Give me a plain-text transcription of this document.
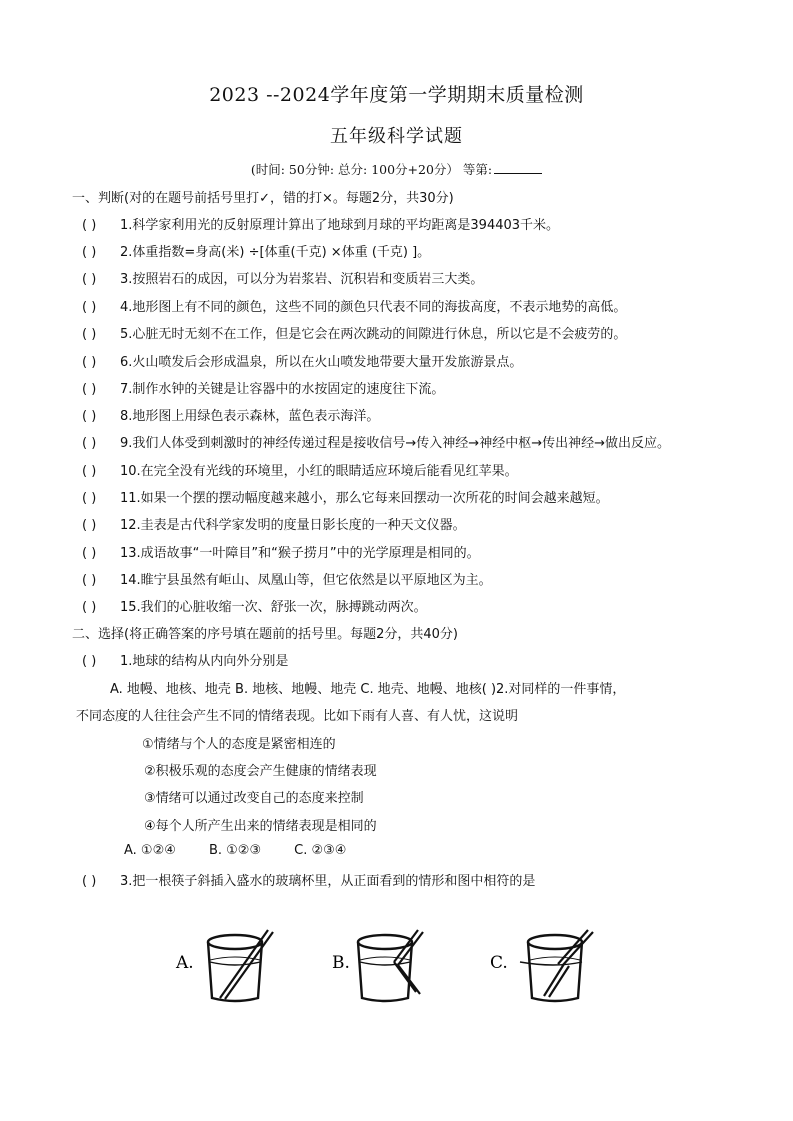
2023 --2024学年度第一学期期末质量检测
五年级科学试题
(时间: 50分钟: 总分: 100分+20分） 等第:
一、判断(对的在题号前括号里打✓，错的打×。每题2分，共30分)
( ) 1.科学家利用光的反射原理计算出了地球到月球的平均距离是394403千米。
( ) 2.体重指数=身高(米) ÷[体重(千克) ×体重 (千克) ]。
( ) 3.按照岩石的成因，可以分为岩浆岩、沉积岩和变质岩三大类。
( ) 4.地形图上有不同的颜色，这些不同的颜色只代表不同的海拔高度，不表示地势的高低。
( ) 5.心脏无时无刻不在工作，但是它会在两次跳动的间隙进行休息，所以它是不会疲劳的。
( ) 6.火山喷发后会形成温泉，所以在火山喷发地带要大量开发旅游景点。
( ) 7.制作水钟的关键是让容器中的水按固定的速度往下流。
( ) 8.地形图上用绿色表示森林，蓝色表示海洋。
( ) 9.我们人体受到刺激时的神经传递过程是接收信号→传入神经→神经中枢→传出神经→做出反应。
( ) 10.在完全没有光线的环境里，小红的眼睛适应环境后能看见红苹果。
( ) 11.如果一个摆的摆动幅度越来越小，那么它每来回摆动一次所花的时间会越来越短。
( ) 12.圭表是古代科学家发明的度量日影长度的一种天文仪器。
( ) 13.成语故事“一叶障目”和“猴子捞月”中的光学原理是相同的。
( ) 14.睢宁县虽然有岠山、凤凰山等，但它依然是以平原地区为主。
( ) 15.我们的心脏收缩一次、舒张一次，脉搏跳动两次。
二、选择(将正确答案的序号填在题前的括号里。每题2分，共40分)
( ) 1.地球的结构从内向外分别是
A. 地幔、地核、地壳 B. 地核、地幔、地壳 C. 地壳、地幔、地核( )2.对同样的一件事情，
不同态度的人往往会产生不同的情绪表现。比如下雨有人喜、有人忧，这说明
①情绪与个人的态度是紧密相连的
②积极乐观的态度会产生健康的情绪表现
③情绪可以通过改变自己的态度来控制
④每个人所产生出来的情绪表现是相同的
A. ①②④        B. ①②③        C. ②③④
( ) 3.把一根筷子斜插入盛水的玻璃杯里，从正面看到的情形和图中相符的是
A.	B.	C.
